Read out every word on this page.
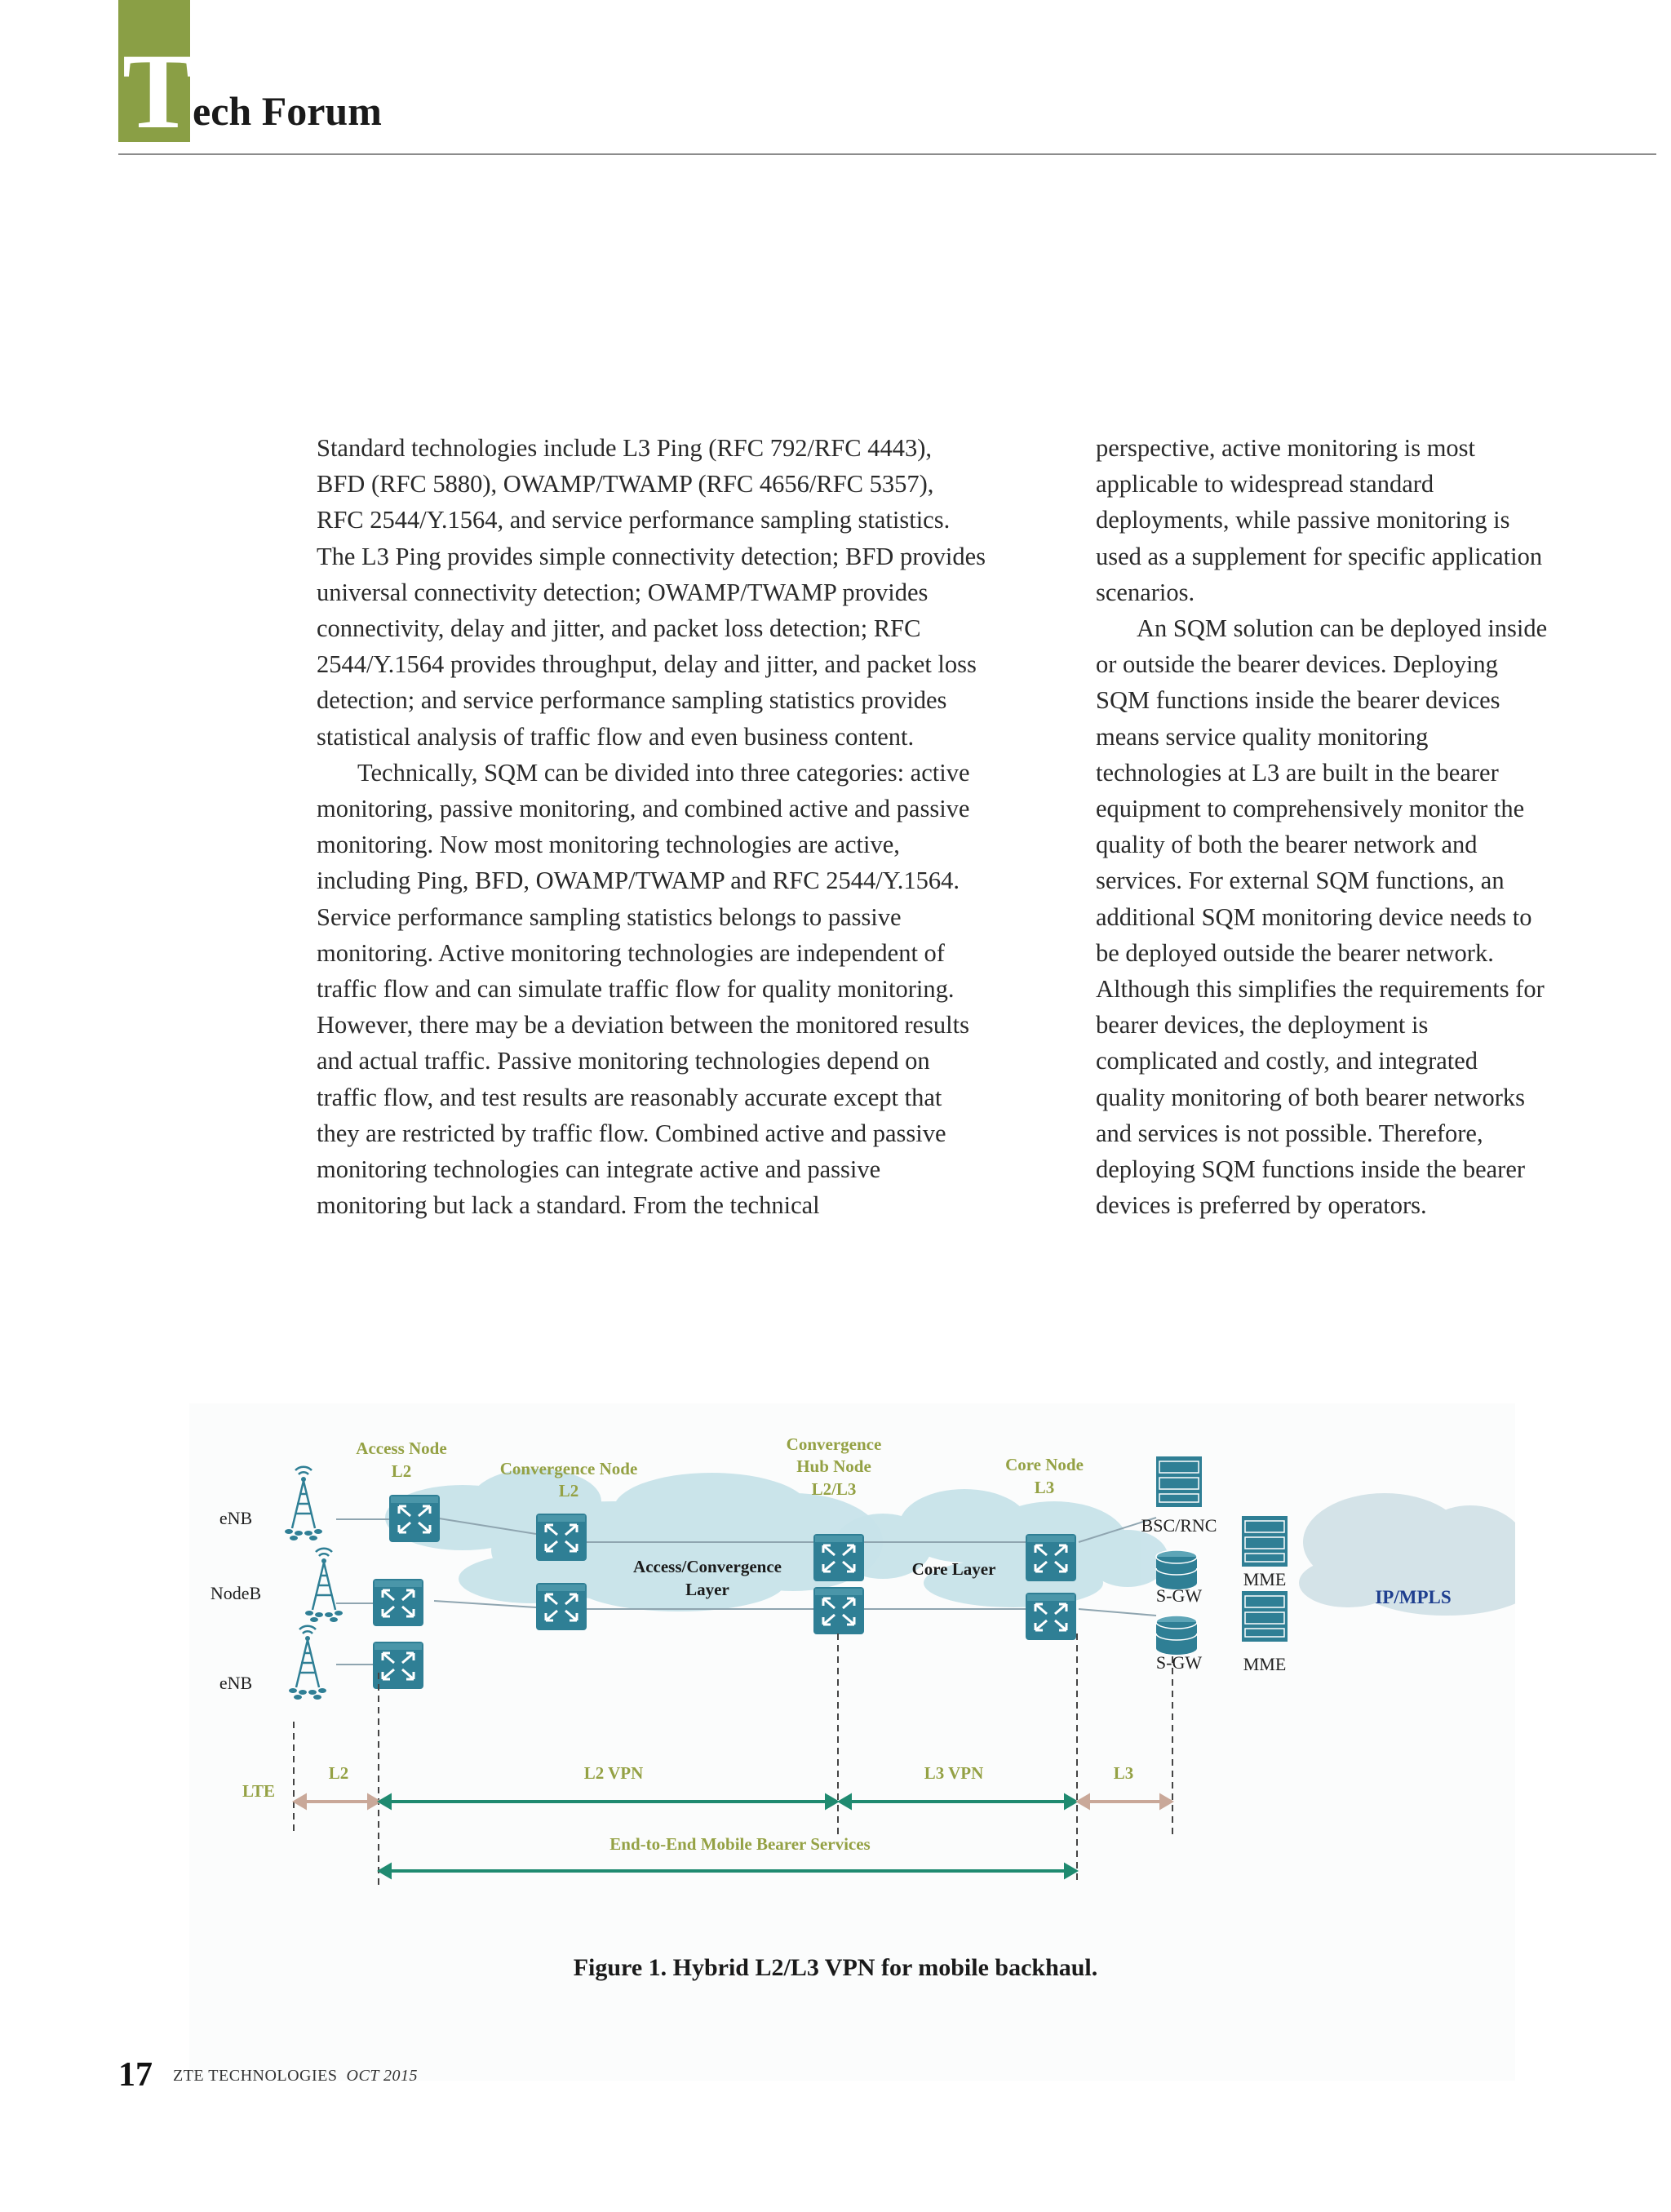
T
ech Forum

Standard technologies include L3 Ping (RFC 792/RFC 4443), BFD (RFC 5880), OWAMP/TWAMP (RFC 4656/RFC 5357), RFC 2544/Y.1564, and service performance sampling statistics. The L3 Ping provides simple connectivity detection; BFD provides universal connectivity detection; OWAMP/TWAMP provides connectivity, delay and jitter, and packet loss detection; RFC 2544/Y.1564 provides throughput, delay and jitter, and packet loss detection; and service performance sampling statistics provides statistical analysis of traffic flow and even business content.

Technically, SQM can be divided into three categories: active monitoring, passive monitoring, and combined active and passive monitoring. Now most monitoring technologies are active, including Ping, BFD, OWAMP/TWAMP and RFC 2544/Y.1564. Service performance sampling statistics belongs to passive monitoring. Active monitoring technologies are independent of traffic flow and can simulate traffic flow for quality monitoring. However, there may be a deviation between the monitored results and actual traffic. Passive monitoring technologies depend on traffic flow, and test results are reasonably accurate except that they are restricted by traffic flow. Combined active and passive monitoring technologies can integrate active and passive monitoring but lack a standard. From the technical

perspective, active monitoring is most applicable to widespread standard deployments, while passive monitoring is used as a supplement for specific application scenarios.

An SQM solution can be deployed inside or outside the bearer devices. Deploying SQM functions inside the bearer devices means service quality monitoring technologies at L3 are built in the bearer equipment to comprehensively monitor the quality of both the bearer network and services. For external SQM functions, an additional SQM monitoring device needs to be deployed outside the bearer network. Although this simplifies the requirements for bearer devices, the deployment is complicated and costly, and integrated quality monitoring of both bearer networks and services is not possible. Therefore, deploying SQM functions inside the bearer devices is preferred by operators.

Access Node
L2	Convergence Node
L2
Convergence
Hub Node
L2/L3
Core Node
L3
LTE
L2	L2 VPN	L3 VPN	L3
End-to-End Mobile Bearer Services
Access/Convergence
Layer
Core Layer
eNB
NodeB
eNB
BSC/RNC
S-GW
S-GW
MME
MME
IP/MPLS
Figure 1. Hybrid L2/L3 VPN for mobile backhaul.
17 ZTE TECHNOLOGIES OCT 2015
